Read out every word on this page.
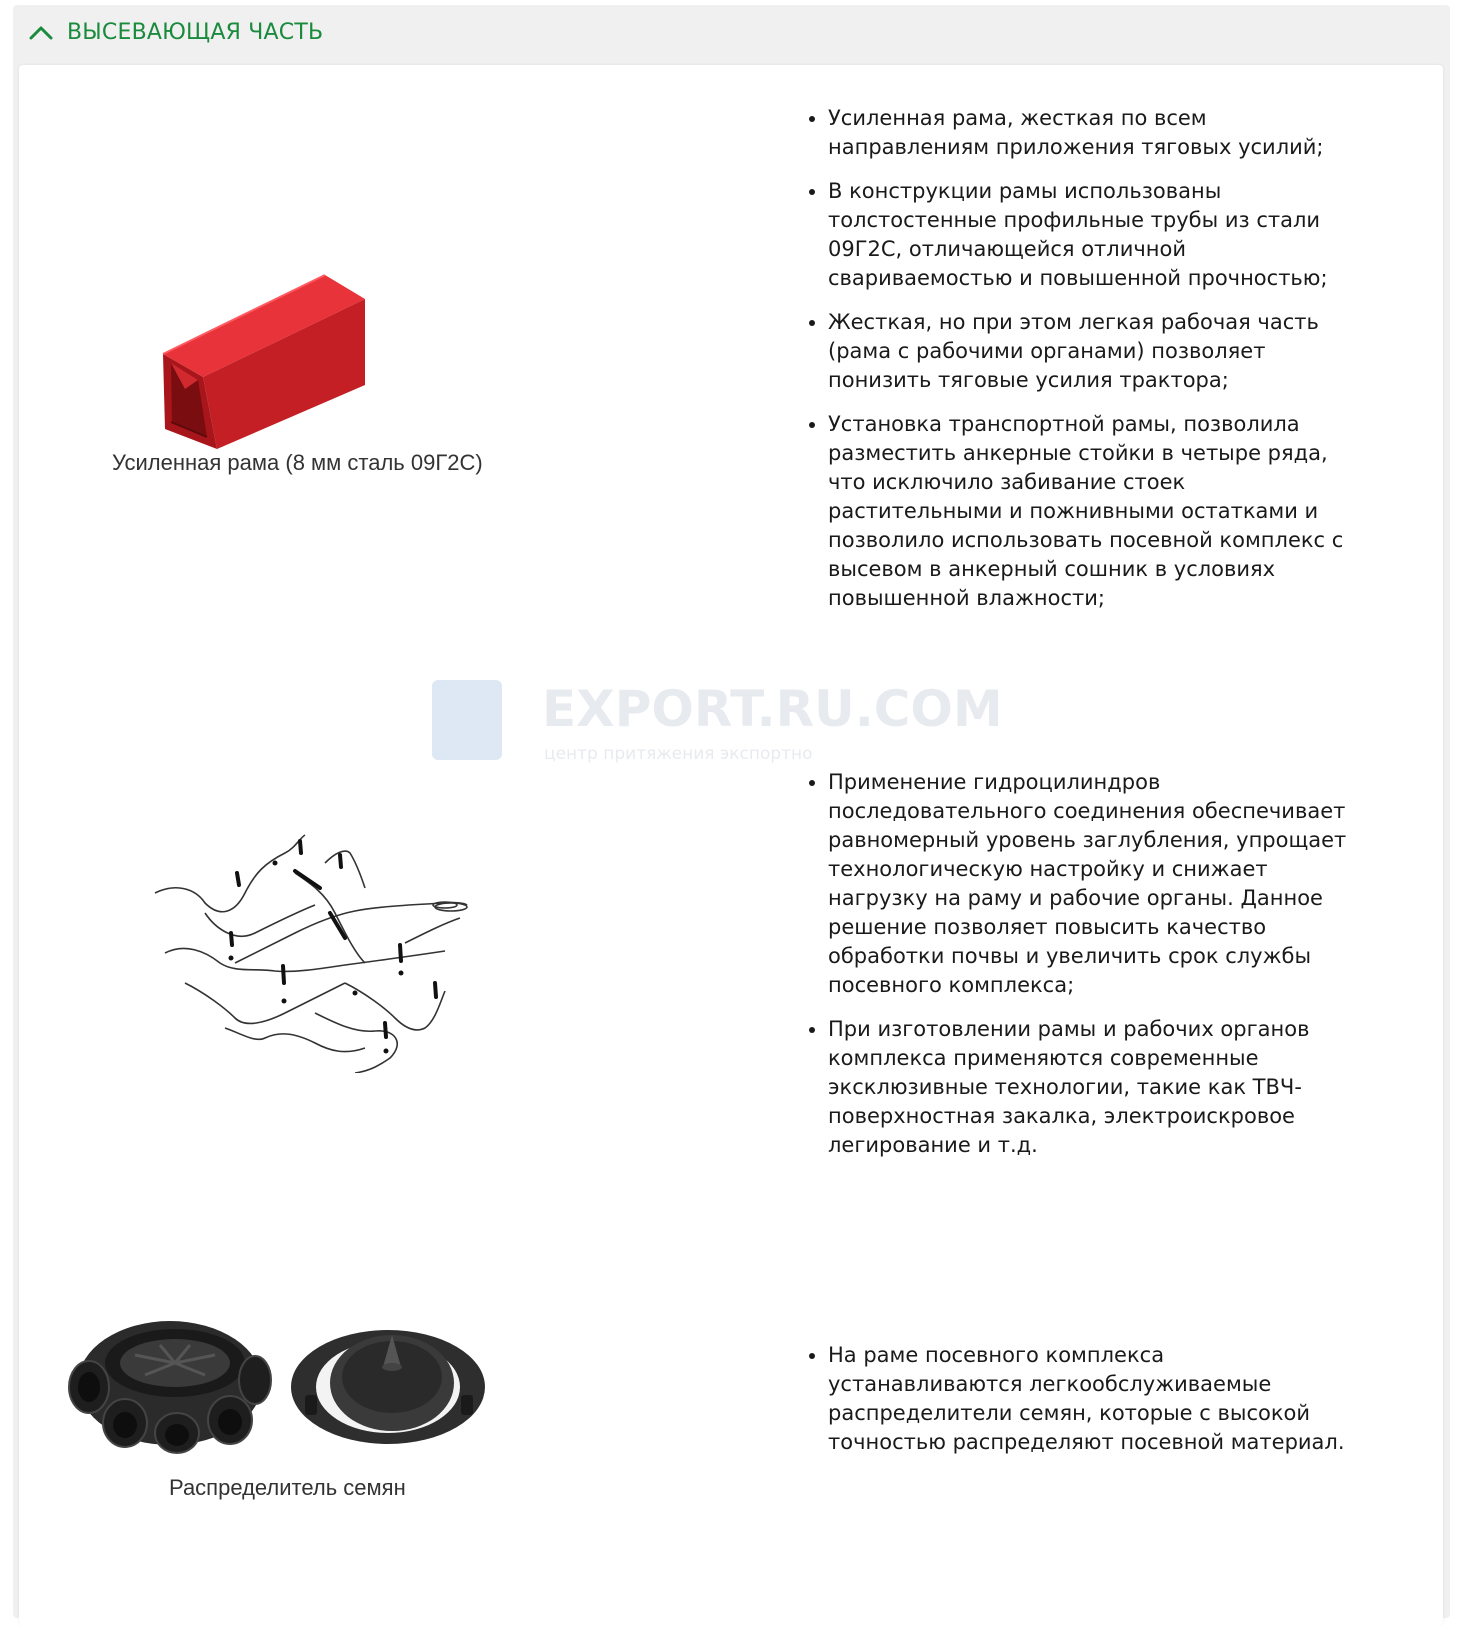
ВЫСЕВАЮЩАЯ ЧАСТЬ
Усиленная рама (8 мм сталь 09Г2С)
• Усиленная рама, жесткая по всем направлениям приложения тяговых усилий;
• В конструкции рамы использованы толстостенные профильные трубы из стали 09Г2С, отличающейся отличной свариваемостью и повышенной прочностью;
• Жесткая, но при этом легкая рабочая часть (рама с рабочими органами) позволяет понизить тяговые усилия трактора;
• Установка транспортной рамы, позволила разместить анкерные стойки в четыре ряда, что исключило забивание стоек растительными и пожнивными остатками и позволило использовать посевной комплекс с высевом в анкерный сошник в условиях повышенной влажности;
• Применение гидроцилиндров последовательного соединения обеспечивает равномерный уровень заглубления, упрощает технологическую настройку и снижает нагрузку на раму и рабочие органы. Данное решение позволяет повысить качество обработки почвы и увеличить срок службы посевного комплекса;
• При изготовлении рамы и рабочих органов комплекса применяются современные эксклюзивные технологии, такие как ТВЧ-поверхностная закалка, электроискровое легирование и т.д.
Распределитель семян
• На раме посевного комплекса устанавливаются легкообслуживаемые распределители семян, которые с высокой точностью распределяют посевной материал.
